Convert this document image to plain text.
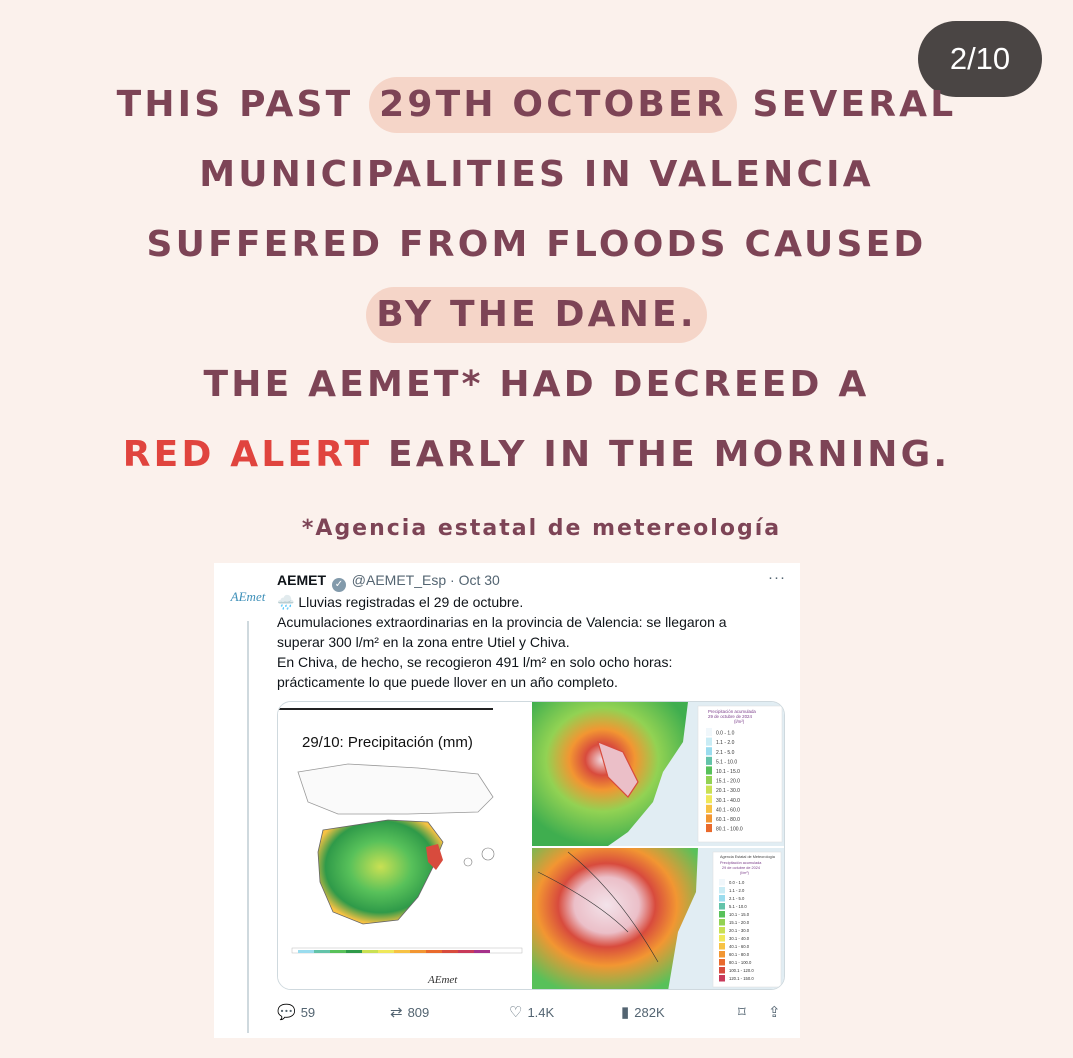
2/10
THIS PAST 29TH OCTOBER SEVERAL
MUNICIPALITIES IN VALENCIA
SUFFERED FROM FLOODS CAUSED
BY THE DANE.
THE AEMET* HAD DECREED A
RED ALERT EARLY IN THE MORNING.
*Agencia estatal de metereología
AEmet
AEMET ✓ @AEMET_Esp · Oct 30	···
🌧️ Lluvias registradas el 29 de octubre.
Acumulaciones extraordinarias en la provincia de Valencia: se llegaron a
superar 300 l/m² en la zona entre Utiel y Chiva.
En Chiva, de hecho, se recogieron 491 l/m² en solo ocho horas:
prácticamente lo que puede llover en un año completo.
29/10: Precipitación (mm)
AEmet
Precipitación acumulada
29 de octubre de 2024
(l/m²)
0.0 - 1.0
1.1 - 2.0
2.1 - 5.0
5.1 - 10.0
10.1 - 15.0
15.1 - 20.0
20.1 - 30.0
30.1 - 40.0
40.1 - 60.0
60.1 - 80.0
80.1 - 100.0
Agencia Estatal de Meteorología
Precipitación acumulada
29 de octubre de 2024
(l/m²)
0.0 - 1.0
1.1 - 2.0
2.1 - 5.0
5.1 - 10.0
10.1 - 15.0
15.1 - 20.0
20.1 - 30.0
30.1 - 40.0
40.1 - 60.0
60.1 - 80.0
80.1 - 100.0
100.1 - 120.0
120.1 - 150.0
💬 59	⇄ 809	♡ 1.4K	▮ 282K	⌑ ⇪
